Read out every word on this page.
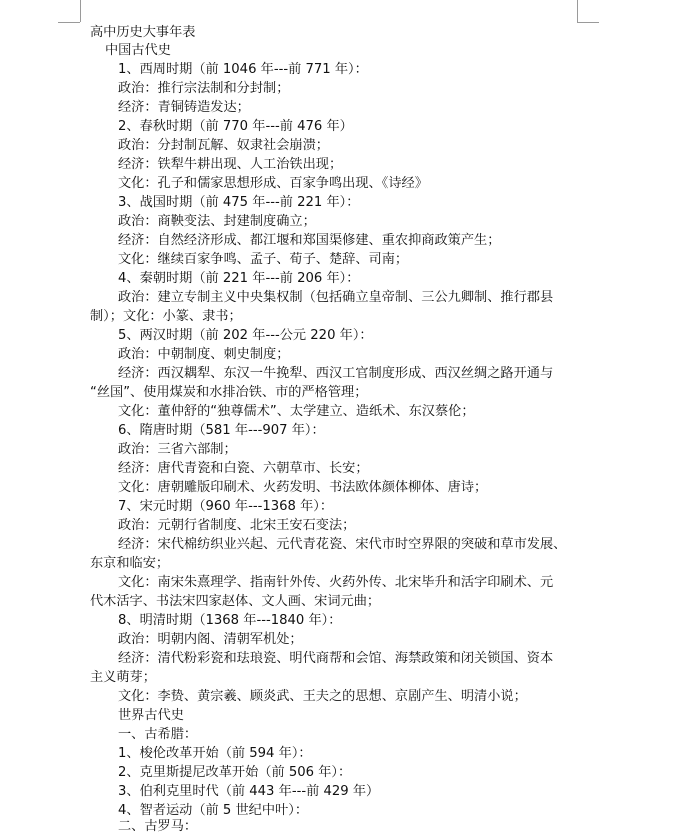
高中历史大事年表
中国古代史
1、西周时期（前 1046 年---前 771 年）：
政治：推行宗法制和分封制；
经济：青铜铸造发达；
2、春秋时期（前 770 年---前 476 年）
政治：分封制瓦解、奴隶社会崩溃；
经济：铁犁牛耕出现、人工治铁出现；
文化：孔子和儒家思想形成、百家争鸣出现、《诗经》
3、战国时期（前 475 年---前 221 年）：
政治：商鞅变法、封建制度确立；
经济：自然经济形成、都江堰和郑国渠修建、重农抑商政策产生；
文化：继续百家争鸣、孟子、荀子、楚辞、司南；
4、秦朝时期（前 221 年---前 206 年）：
政治：建立专制主义中央集权制（包括确立皇帝制、三公九卿制、推行郡县
制）；文化：小篆、隶书；
5、两汉时期（前 202 年---公元 220 年）：
政治：中朝制度、刺史制度；
经济：西汉耦犁、东汉一牛挽犁、西汉工官制度形成、西汉丝绸之路开通与
“丝国”、使用煤炭和水排冶铁、市的严格管理；
文化：董仲舒的“独尊儒术”、太学建立、造纸术、东汉蔡伦；
6、隋唐时期（581 年---907 年）：
政治：三省六部制；
经济：唐代青瓷和白瓷、六朝草市、长安；
文化：唐朝雕版印刷术、火药发明、书法欧体颜体柳体、唐诗；
7、宋元时期（960 年---1368 年）：
政治：元朝行省制度、北宋王安石变法；
经济：宋代棉纺织业兴起、元代青花瓷、宋代市时空界限的突破和草市发展、
东京和临安；
文化：南宋朱熹理学、指南针外传、火药外传、北宋毕升和活字印刷术、元
代木活字、书法宋四家赵体、文人画、宋词元曲；
8、明清时期（1368 年---1840 年）：
政治：明朝内阁、清朝军机处；
经济：清代粉彩瓷和珐琅瓷、明代商帮和会馆、海禁政策和闭关锁国、资本
主义萌芽；
文化：李贽、黄宗羲、顾炎武、王夫之的思想、京剧产生、明清小说；
世界古代史
一、古希腊：
1、梭伦改革开始（前 594 年）：
2、克里斯提尼改革开始（前 506 年）：
3、伯利克里时代（前 443 年---前 429 年）
4、智者运动（前 5 世纪中叶）：
二、古罗马：
